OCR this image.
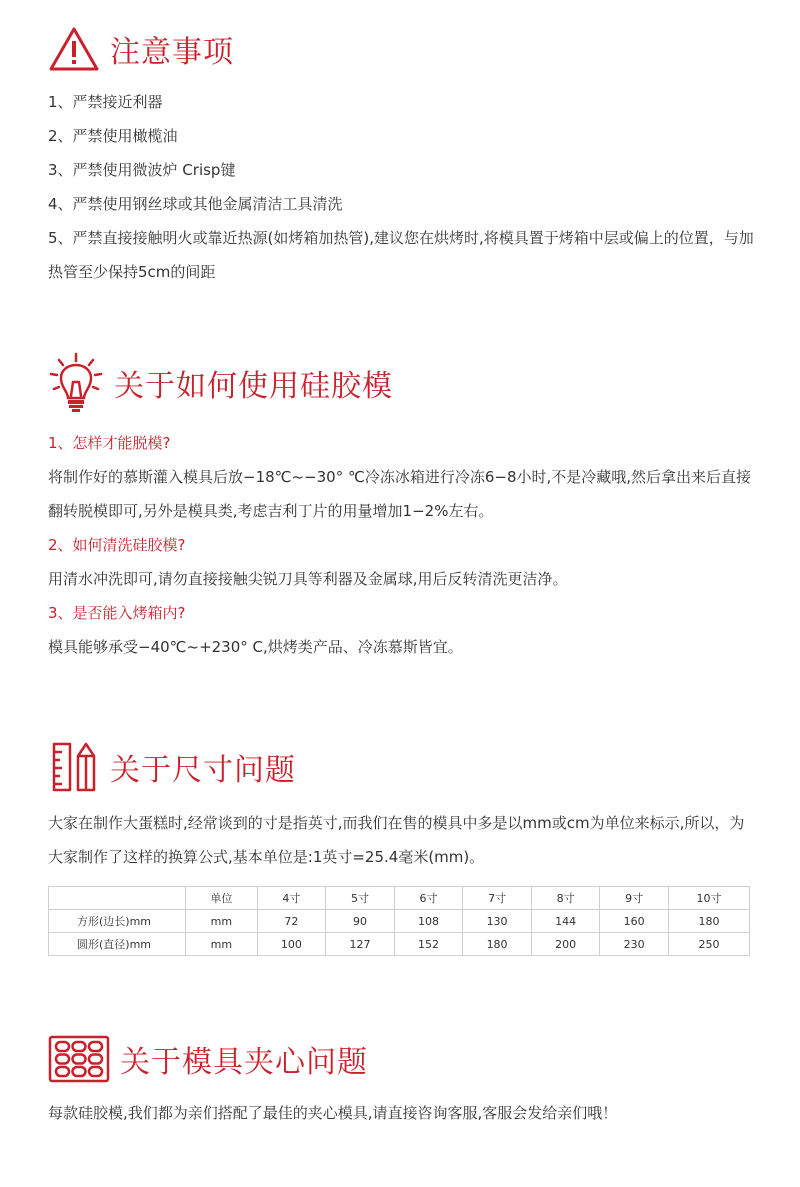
注意事项
1、严禁接近利器
2、严禁使用橄榄油
3、严禁使用微波炉 Crisp键
4、严禁使用钢丝球或其他金属清洁工具清洗
5、严禁直接接触明火或靠近热源(如烤箱加热管),建议您在烘烤时,将模具置于烤箱中层或偏上的位置，与加热管至少保持5cm的间距
关于如何使用硅胶模
1、怎样才能脱模?
将制作好的慕斯灌入模具后放−18℃~−30° ℃冷冻冰箱进行冷冻6−8小时,不是冷藏哦,然后拿出来后直接翻转脱模即可,另外是模具类,考虑吉利丁片的用量增加1−2%左右。
2、如何清洗硅胶模?
用清水冲洗即可,请勿直接接触尖锐刀具等利器及金属球,用后反转清洗更洁净。
3、是否能入烤箱内?
模具能够承受−40℃~+230° C,烘烤类产品、冷冻慕斯皆宜。
关于尺寸问题
大家在制作大蛋糕时,经常谈到的寸是指英寸,而我们在售的模具中多是以mm或cm为单位来标示,所以，为大家制作了这样的换算公式,基本单位是:1英寸=25.4毫米(mm)。
	单位	4寸	5寸	6寸	7寸	8寸	9寸	10寸
方形(边长)mm	mm	72	90	108	130	144	160	180
圆形(直径)mm	mm	100	127	152	180	200	230	250
关于模具夹心问题
每款硅胶模,我们都为亲们搭配了最佳的夹心模具,请直接咨询客服,客服会发给亲们哦！
